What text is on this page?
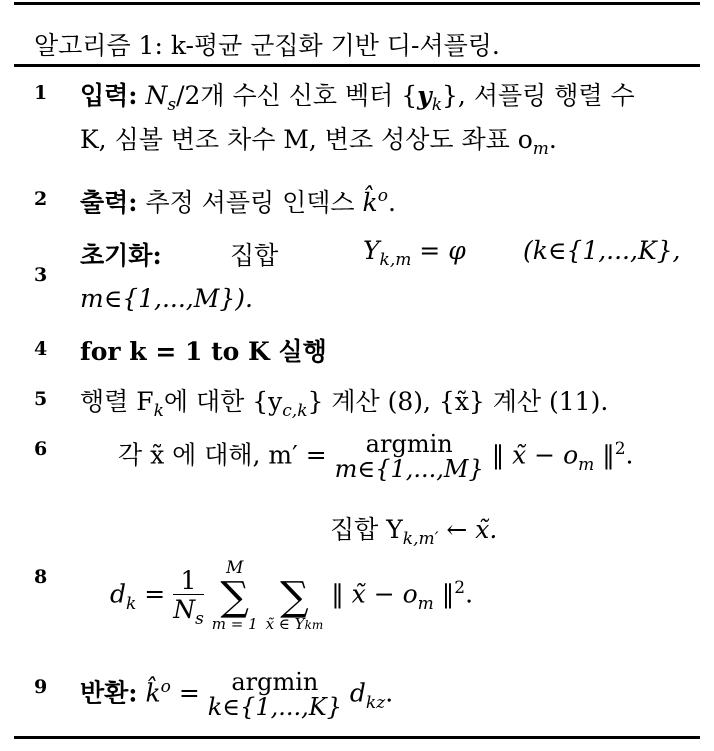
알고리즘 1: k-평균 군집화 기반 디-셔플링.
1 입력: $N_s/2$개 수신 신호 벡터 $\{y_k\}$, 셔플링 행렬 수
K, 심볼 변조 차수 M, 변조 성상도 좌표 $o_m$.
2 출력: 추정 셔플링 인덱스 k̂$^o$.
3
초기화:	집합	$\Upsilon_{k,m} = \varphi$ (k∈{1,...,K},
m∈{1,...,M}).
4 for k = 1 to K 실행
5 행렬 $F_k$에 대한 $\{y_{c,k}\}$ 계산 (8), {x̃} 계산 (11).
6	각 x̃ 에 대해, m′ =	argmin
m∈{1,...,M} ‖ x̃ − $o_m$ ‖$^2$.
집합 $\Upsilon_{k,m'}$ ← x̃.
8
$d_k = \frac{1}{N_s}$
	M
∑
m = 1

∑
x̃ ∈ Υkm
‖ x̃ − $o_m$ ‖$^2$.
9 반환: k̂$^o$ =	argmin
k∈{1,...,K} $d_{kz}$.
